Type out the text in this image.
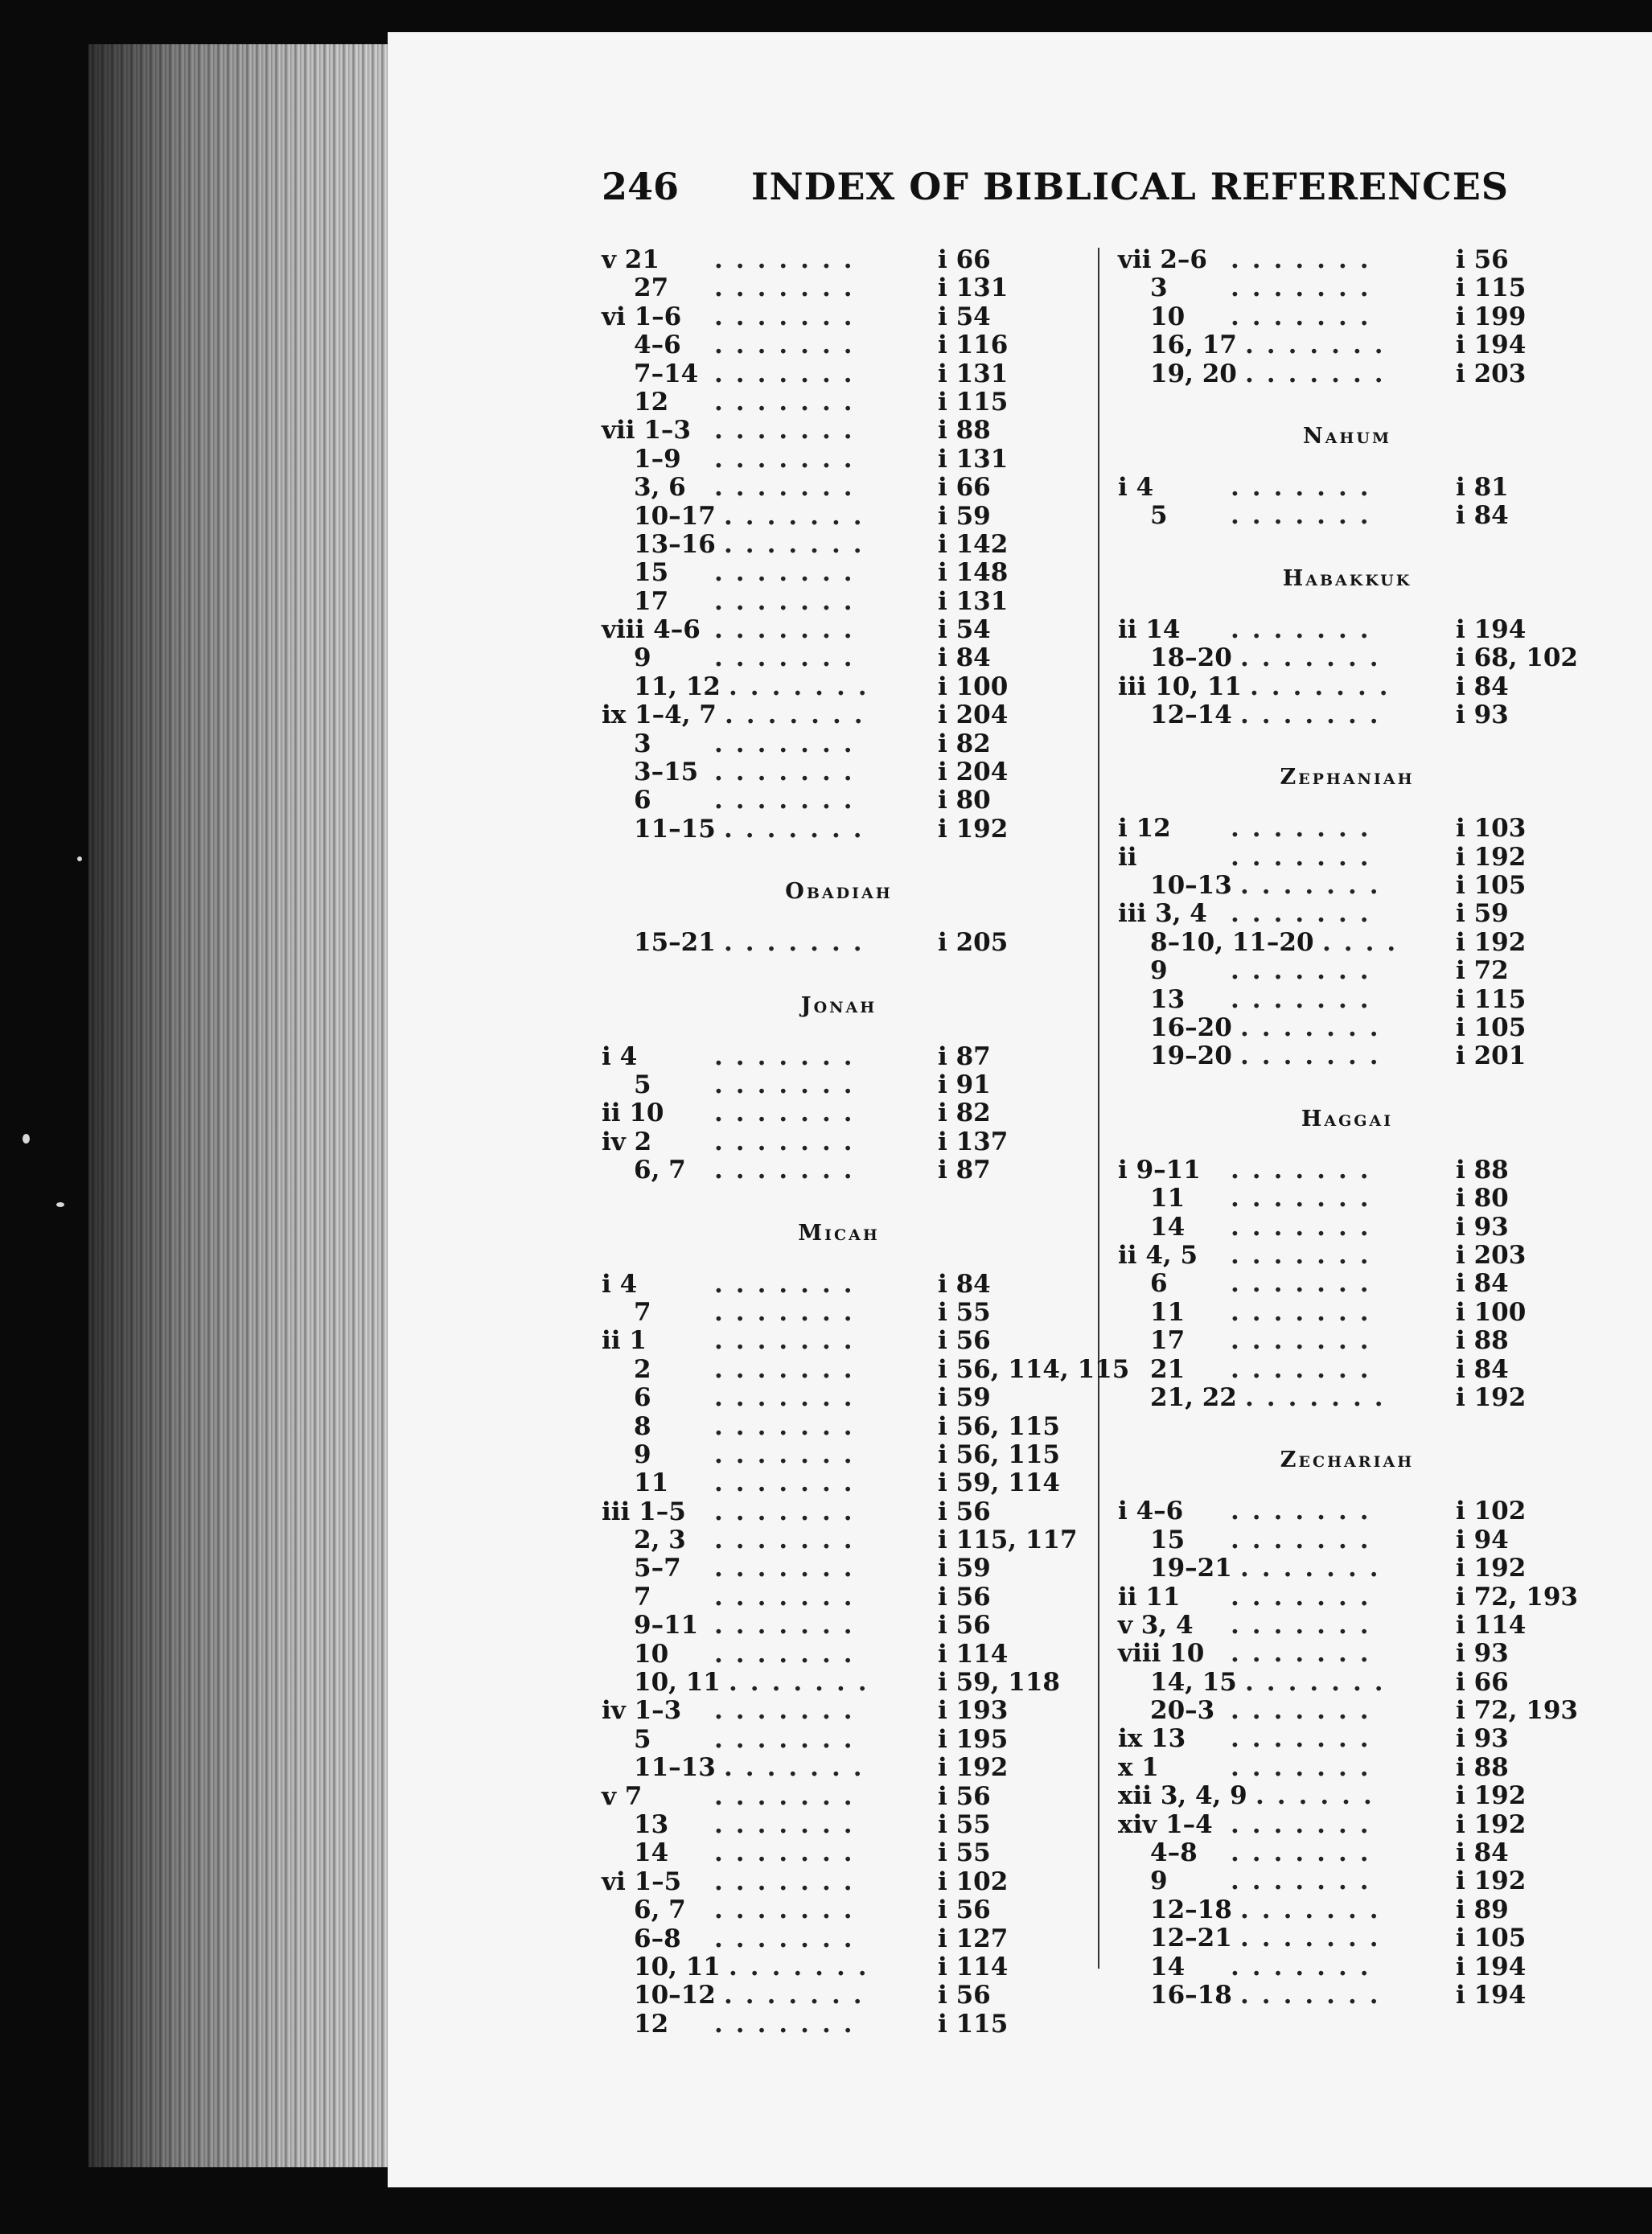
246 INDEX OF BIBLICAL REFERENCES
v 21 .......	i 66
27 .......	i 131
vi 1–6 .......	i 54
4–6 .......	i 116
7–14 .......	i 131
12 .......	i 115
vii 1–3 .......	i 88
1–9 .......	i 131
3, 6 .......	i 66
10–17 .......	i 59
13–16 .......	i 142
15 .......	i 148
17 .......	i 131
viii 4–6 .......	i 54
9	.......	i 84
11, 12 ....... i 100
ix 1–4, 7 ....... i 204
3	.......	i 82
3–15 .......	i 204
6	.......	i 80
11–15 .......	i 192
Obadiah
15–21 .......	i 205
Jonah
i 4	.......	i 87
5	.......	i 91
ii 10 .......	i 82
iv 2	.......	i 137
6, 7 .......	i 87
Micah
i 4	.......	i 84
7	.......	i 55
ii 1	.......	i 56
2	.......	i 56, 114, 115
6	.......	i 59
8	.......	i 56, 115
9	.......	i 56, 115
11 .......	i 59, 114
iii 1–5 .......	i 56
2, 3 .......	i 115, 117
5–7 .......	i 59
7	.......	i 56
9–11 .......	i 56
10 .......	i 114
10, 11 ....... i 59, 118
iv 1–3 .......	i 193
5	.......	i 195
11–13 .......	i 192
v 7	.......	i 56
13 .......	i 55
14 .......	i 55
vi 1–5 .......	i 102
6, 7 .......	i 56
6–8 .......	i 127
10, 11 ....... i 114
10–12 .......	i 56
12 .......	i 115
vii 2–6 .......	i 56
3	.......	i 115
10 .......	i 199
16, 17 ....... i 194
19, 20 ....... i 203
Nahum
i 4	.......	i 81
5	.......	i 84
Habakkuk
ii 14 .......	i 194
18–20 .......	i 68, 102
iii 10, 11 ....... i 84
12–14 .......	i 93
Zephaniah
i 12 .......	i 103
ii	.......	i 192
10–13 .......	i 105
iii 3, 4 .......	i 59
8–10, 11–20 .... i 192
9	.......	i 72
13 .......	i 115
16–20 .......	i 105
19–20 .......	i 201
Haggai
i 9–11 .......	i 88
11 .......	i 80
14 .......	i 93
ii 4, 5 .......	i 203
6	.......	i 84
11 .......	i 100
17 .......	i 88
21 .......	i 84
21, 22 ....... i 192
Zechariah
i 4–6 .......	i 102
15 .......	i 94
19–21 .......	i 192
ii 11 .......	i 72, 193
v 3, 4 .......	i 114
viii 10 .......	i 93
14, 15 ....... i 66
20–3 .......	i 72, 193
ix 13 .......	i 93
x 1	.......	i 88
xii 3, 4, 9 ......	i 192
xiv 1–4 .......	i 192
4–8 .......	i 84
9	.......	i 192
12–18 .......	i 89
12–21 .......	i 105
14 .......	i 194
16–18 .......	i 194
